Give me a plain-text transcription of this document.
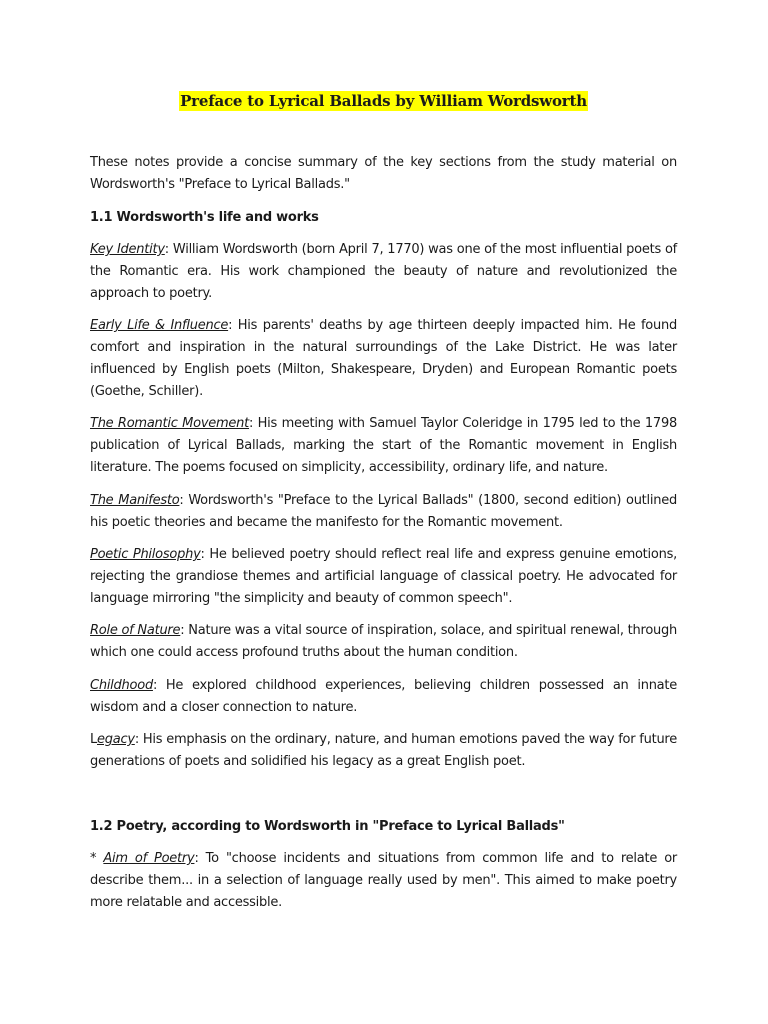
Preface to Lyrical Ballads by William Wordsworth

These notes provide a concise summary of the key sections from the study material on Wordsworth's "Preface to Lyrical Ballads."

1.1 Wordsworth's life and works

Key Identity: William Wordsworth (born April 7, 1770) was one of the most influential poets of the Romantic era. His work championed the beauty of nature and revolutionized the approach to poetry.

Early Life & Influence: His parents' deaths by age thirteen deeply impacted him. He found comfort and inspiration in the natural surroundings of the Lake District. He was later influenced by English poets (Milton, Shakespeare, Dryden) and European Romantic poets (Goethe, Schiller).

The Romantic Movement: His meeting with Samuel Taylor Coleridge in 1795 led to the 1798 publication of Lyrical Ballads, marking the start of the Romantic movement in English literature. The poems focused on simplicity, accessibility, ordinary life, and nature.

The Manifesto: Wordsworth's "Preface to the Lyrical Ballads" (1800, second edition) outlined his poetic theories and became the manifesto for the Romantic movement.

Poetic Philosophy: He believed poetry should reflect real life and express genuine emotions, rejecting the grandiose themes and artificial language of classical poetry. He advocated for language mirroring "the simplicity and beauty of common speech".

Role of Nature: Nature was a vital source of inspiration, solace, and spiritual renewal, through which one could access profound truths about the human condition.

Childhood: He explored childhood experiences, believing children possessed an innate wisdom and a closer connection to nature.

Legacy: His emphasis on the ordinary, nature, and human emotions paved the way for future generations of poets and solidified his legacy as a great English poet.

1.2 Poetry, according to Wordsworth in "Preface to Lyrical Ballads"

* Aim of Poetry: To "choose incidents and situations from common life and to relate or describe them... in a selection of language really used by men". This aimed to make poetry more relatable and accessible.
